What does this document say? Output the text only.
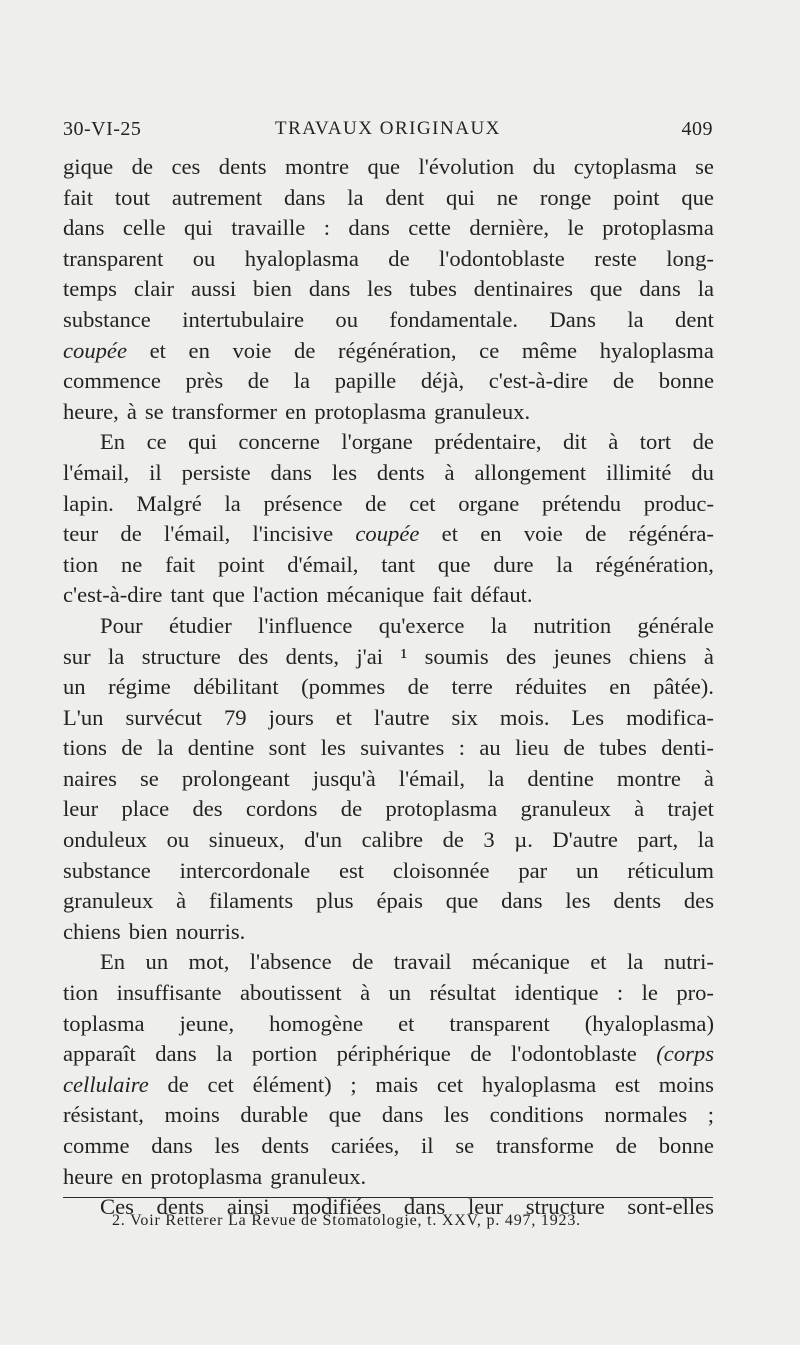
30-VI-25	TRAVAUX ORIGINAUX	409
gique de ces dents montre que l'évolution du cytoplasma se
fait tout autrement dans la dent qui ne ronge point que
dans celle qui travaille : dans cette dernière, le protoplasma
transparent ou hyaloplasma de l'odontoblaste reste long-
temps clair aussi bien dans les tubes dentinaires que dans la
substance intertubulaire ou fondamentale. Dans la dent
coupée et en voie de régénération, ce même hyaloplasma
commence près de la papille déjà, c'est-à-dire de bonne
heure, à se transformer en protoplasma granuleux.
En ce qui concerne l'organe prédentaire, dit à tort de
l'émail, il persiste dans les dents à allongement illimité du
lapin. Malgré la présence de cet organe prétendu produc-
teur de l'émail, l'incisive coupée et en voie de régénéra-
tion ne fait point d'émail, tant que dure la régénération,
c'est-à-dire tant que l'action mécanique fait défaut.
Pour étudier l'influence qu'exerce la nutrition générale
sur la structure des dents, j'ai ¹ soumis des jeunes chiens à
un régime débilitant (pommes de terre réduites en pâtée).
L'un survécut 79 jours et l'autre six mois. Les modifica-
tions de la dentine sont les suivantes : au lieu de tubes denti-
naires se prolongeant jusqu'à l'émail, la dentine montre à
leur place des cordons de protoplasma granuleux à trajet
onduleux ou sinueux, d'un calibre de 3 µ. D'autre part, la
substance intercordonale est cloisonnée par un réticulum
granuleux à filaments plus épais que dans les dents des
chiens bien nourris.
En un mot, l'absence de travail mécanique et la nutri-
tion insuffisante aboutissent à un résultat identique : le pro-
toplasma jeune, homogène et transparent (hyaloplasma)
apparaît dans la portion périphérique de l'odontoblaste (corps
cellulaire de cet élément) ; mais cet hyaloplasma est moins
résistant, moins durable que dans les conditions normales ;
comme dans les dents cariées, il se transforme de bonne
heure en protoplasma granuleux.
Ces dents ainsi modifiées dans leur structure sont-elles
2. Voir Retterer La Revue de Stomatologie, t. XXV, p. 497, 1923.
